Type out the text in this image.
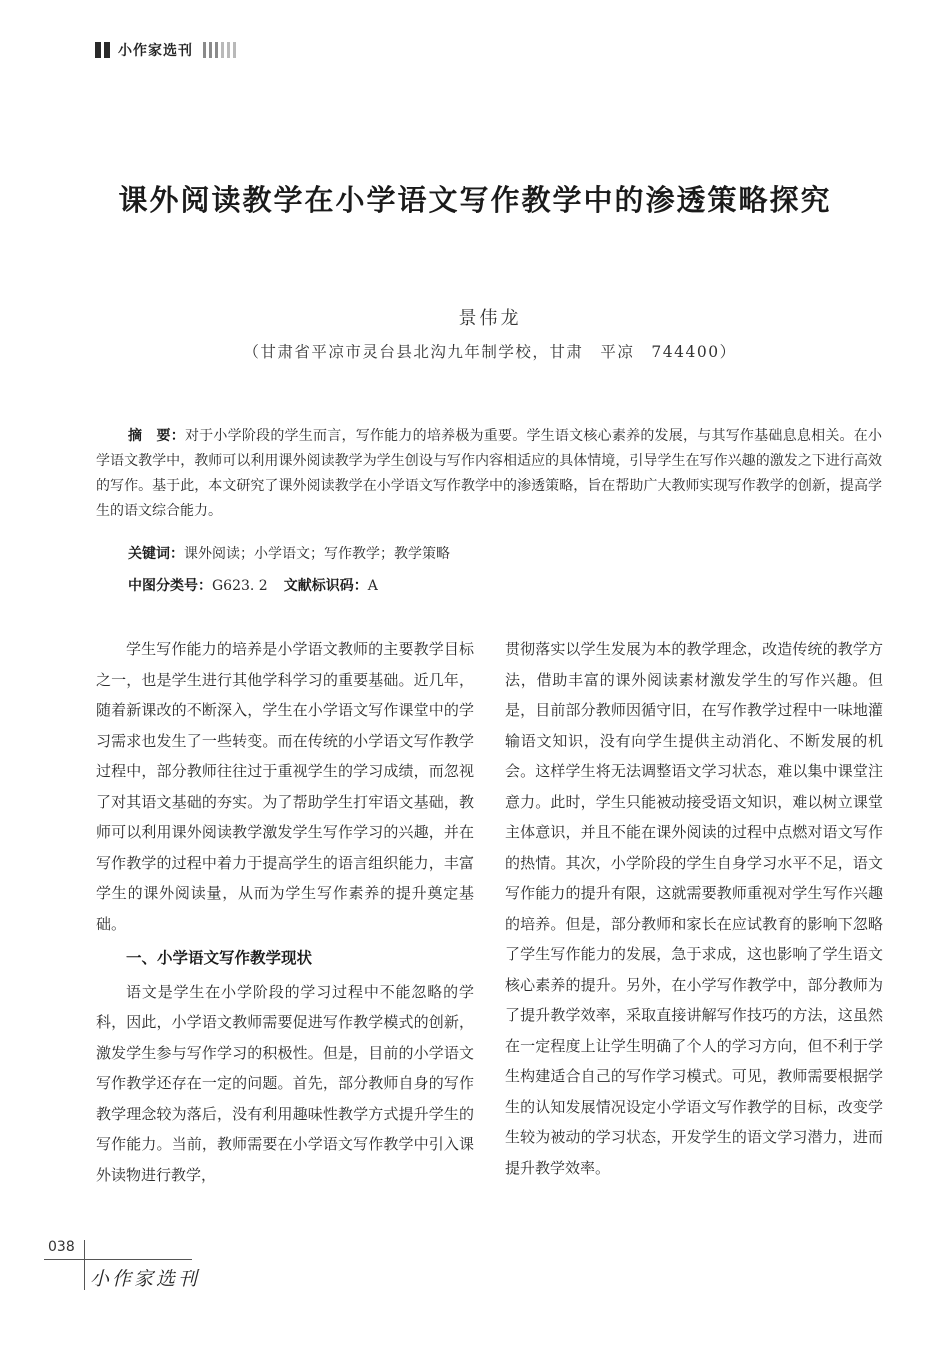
小作家选刊
课外阅读教学在小学语文写作教学中的渗透策略探究
景伟龙
（甘肃省平凉市灵台县北沟九年制学校，甘肃　平凉　744400）

摘　要：对于小学阶段的学生而言，写作能力的培养极为重要。学生语文核心素养的发展，与其写作基础息息相关。在小学语文教学中，教师可以利用课外阅读教学为学生创设与写作内容相适应的具体情境，引导学生在写作兴趣的激发之下进行高效的写作。基于此，本文研究了课外阅读教学在小学语文写作教学中的渗透策略，旨在帮助广大教师实现写作教学的创新，提高学生的语文综合能力。

关键词：课外阅读；小学语文；写作教学；教学策略

中图分类号：G623. 2 文献标识码：A

学生写作能力的培养是小学语文教师的主要教学目标之一，也是学生进行其他学科学习的重要基础。近几年，随着新课改的不断深入，学生在小学语文写作课堂中的学习需求也发生了一些转变。而在传统的小学语文写作教学过程中，部分教师往往过于重视学生的学习成绩，而忽视了对其语文基础的夯实。为了帮助学生打牢语文基础，教师可以利用课外阅读教学激发学生写作学习的兴趣，并在写作教学的过程中着力于提高学生的语言组织能力，丰富学生的课外阅读量，从而为学生写作素养的提升奠定基础。

一、小学语文写作教学现状

语文是学生在小学阶段的学习过程中不能忽略的学科，因此，小学语文教师需要促进写作教学模式的创新，激发学生参与写作学习的积极性。但是，目前的小学语文写作教学还存在一定的问题。首先，部分教师自身的写作教学理念较为落后，没有利用趣味性教学方式提升学生的写作能力。当前，教师需要在小学语文写作教学中引入课外读物进行教学，

贯彻落实以学生发展为本的教学理念，改造传统的教学方法，借助丰富的课外阅读素材激发学生的写作兴趣。但是，目前部分教师因循守旧，在写作教学过程中一味地灌输语文知识，没有向学生提供主动消化、不断发展的机会。这样学生将无法调整语文学习状态，难以集中课堂注意力。此时，学生只能被动接受语文知识，难以树立课堂主体意识，并且不能在课外阅读的过程中点燃对语文写作的热情。其次，小学阶段的学生自身学习水平不足，语文写作能力的提升有限，这就需要教师重视对学生写作兴趣的培养。但是，部分教师和家长在应试教育的影响下忽略了学生写作能力的发展，急于求成，这也影响了学生语文核心素养的提升。另外，在小学写作教学中，部分教师为了提升教学效率，采取直接讲解写作技巧的方法，这虽然在一定程度上让学生明确了个人的学习方向，但不利于学生构建适合自己的写作学习模式。可见，教师需要根据学生的认知发展情况设定小学语文写作教学的目标，改变学生较为被动的学习状态，开发学生的语文学习潜力，进而提升教学效率。

038
小作家选刊
